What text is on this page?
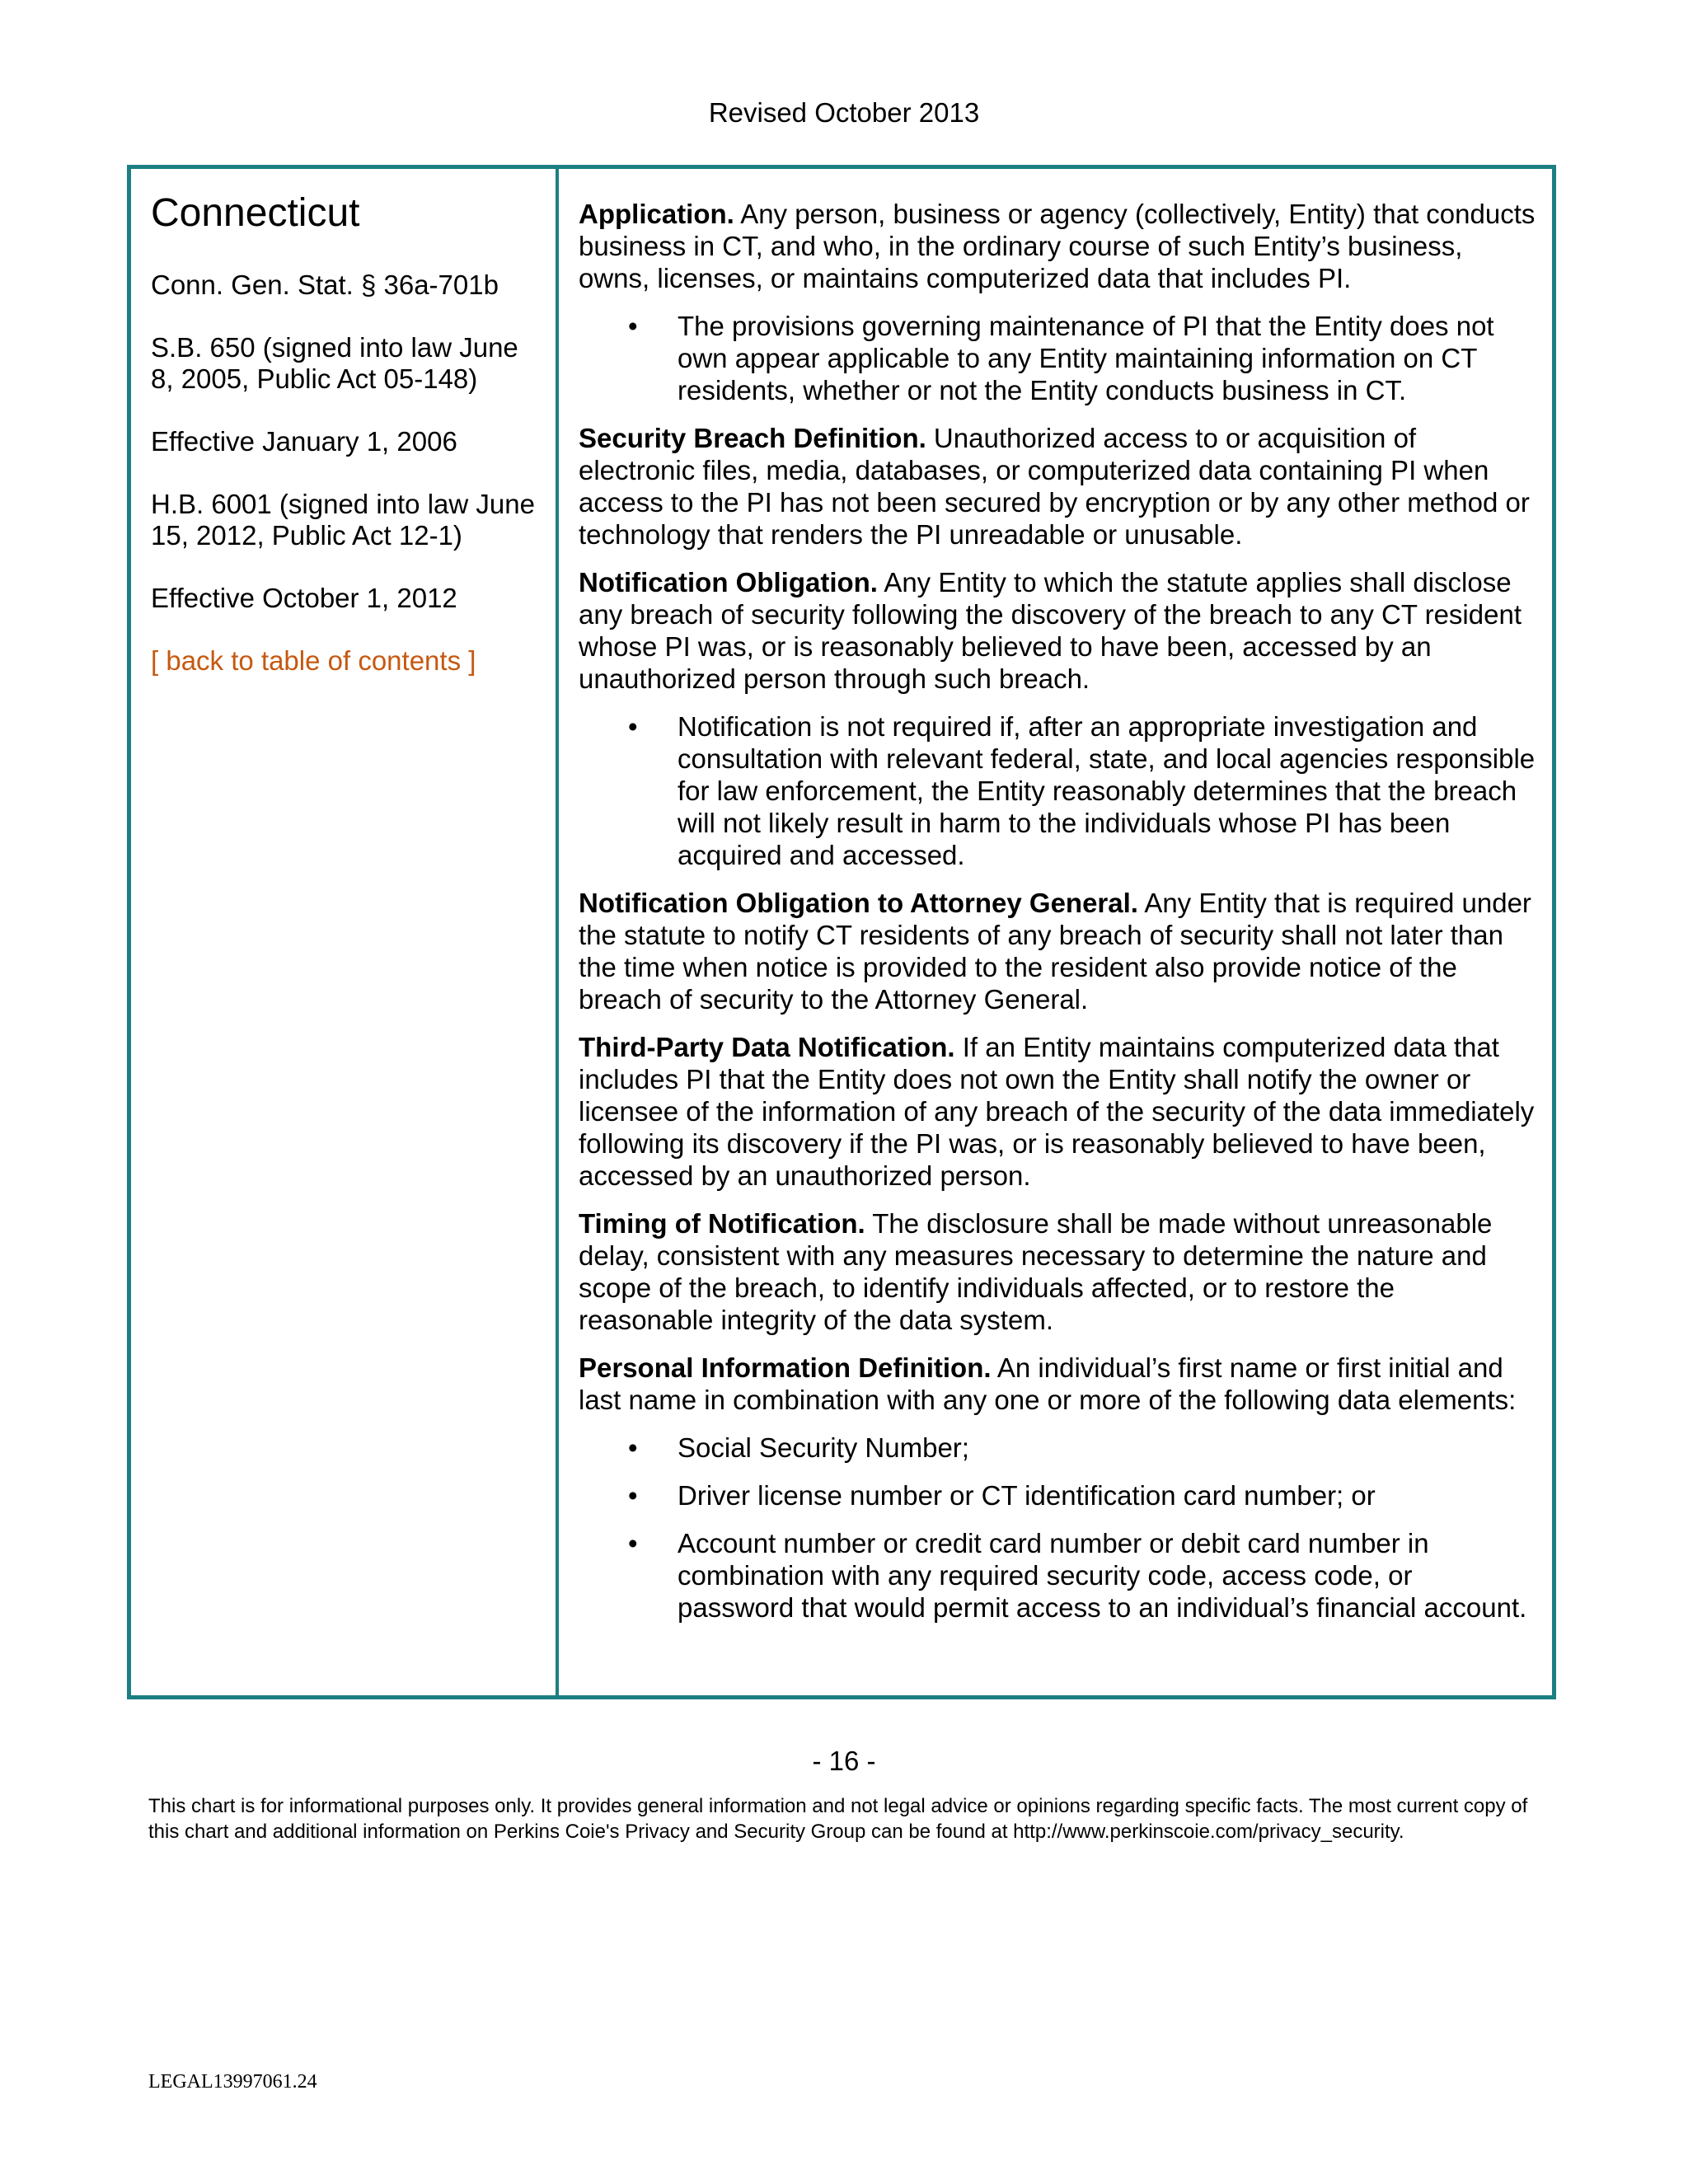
Revised October 2013
Connecticut
Conn. Gen. Stat. § 36a-701b
S.B. 650 (signed into law June 8, 2005, Public Act 05-148)
Effective January 1, 2006
H.B. 6001 (signed into law June 15, 2012, Public Act 12-1)
Effective October 1, 2012
[ back to table of contents ]
Application. Any person, business or agency (collectively, Entity) that conducts business in CT, and who, in the ordinary course of such Entity’s business, owns, licenses, or maintains computerized data that includes PI.
• The provisions governing maintenance of PI that the Entity does not own appear applicable to any Entity maintaining information on CT residents, whether or not the Entity conducts business in CT.
Security Breach Definition. Unauthorized access to or acquisition of electronic files, media, databases, or computerized data containing PI when access to the PI has not been secured by encryption or by any other method or technology that renders the PI unreadable or unusable.
Notification Obligation. Any Entity to which the statute applies shall disclose any breach of security following the discovery of the breach to any CT resident whose PI was, or is reasonably believed to have been, accessed by an unauthorized person through such breach.
• Notification is not required if, after an appropriate investigation and consultation with relevant federal, state, and local agencies responsible for law enforcement, the Entity reasonably determines that the breach will not likely result in harm to the individuals whose PI has been acquired and accessed.
Notification Obligation to Attorney General. Any Entity that is required under the statute to notify CT residents of any breach of security shall not later than the time when notice is provided to the resident also provide notice of the breach of security to the Attorney General.
Third-Party Data Notification. If an Entity maintains computerized data that includes PI that the Entity does not own the Entity shall notify the owner or licensee of the information of any breach of the security of the data immediately following its discovery if the PI was, or is reasonably believed to have been, accessed by an unauthorized person.
Timing of Notification. The disclosure shall be made without unreasonable delay, consistent with any measures necessary to determine the nature and scope of the breach, to identify individuals affected, or to restore the reasonable integrity of the data system.
Personal Information Definition. An individual’s first name or first initial and last name in combination with any one or more of the following data elements:
• Social Security Number;
• Driver license number or CT identification card number; or
• Account number or credit card number or debit card number in combination with any required security code, access code, or password that would permit access to an individual’s financial account.
- 16 -
This chart is for informational purposes only. It provides general information and not legal advice or opinions regarding specific facts. The most current copy of this chart and additional information on Perkins Coie's Privacy and Security Group can be found at http://www.perkinscoie.com/privacy_security.
LEGAL13997061.24
